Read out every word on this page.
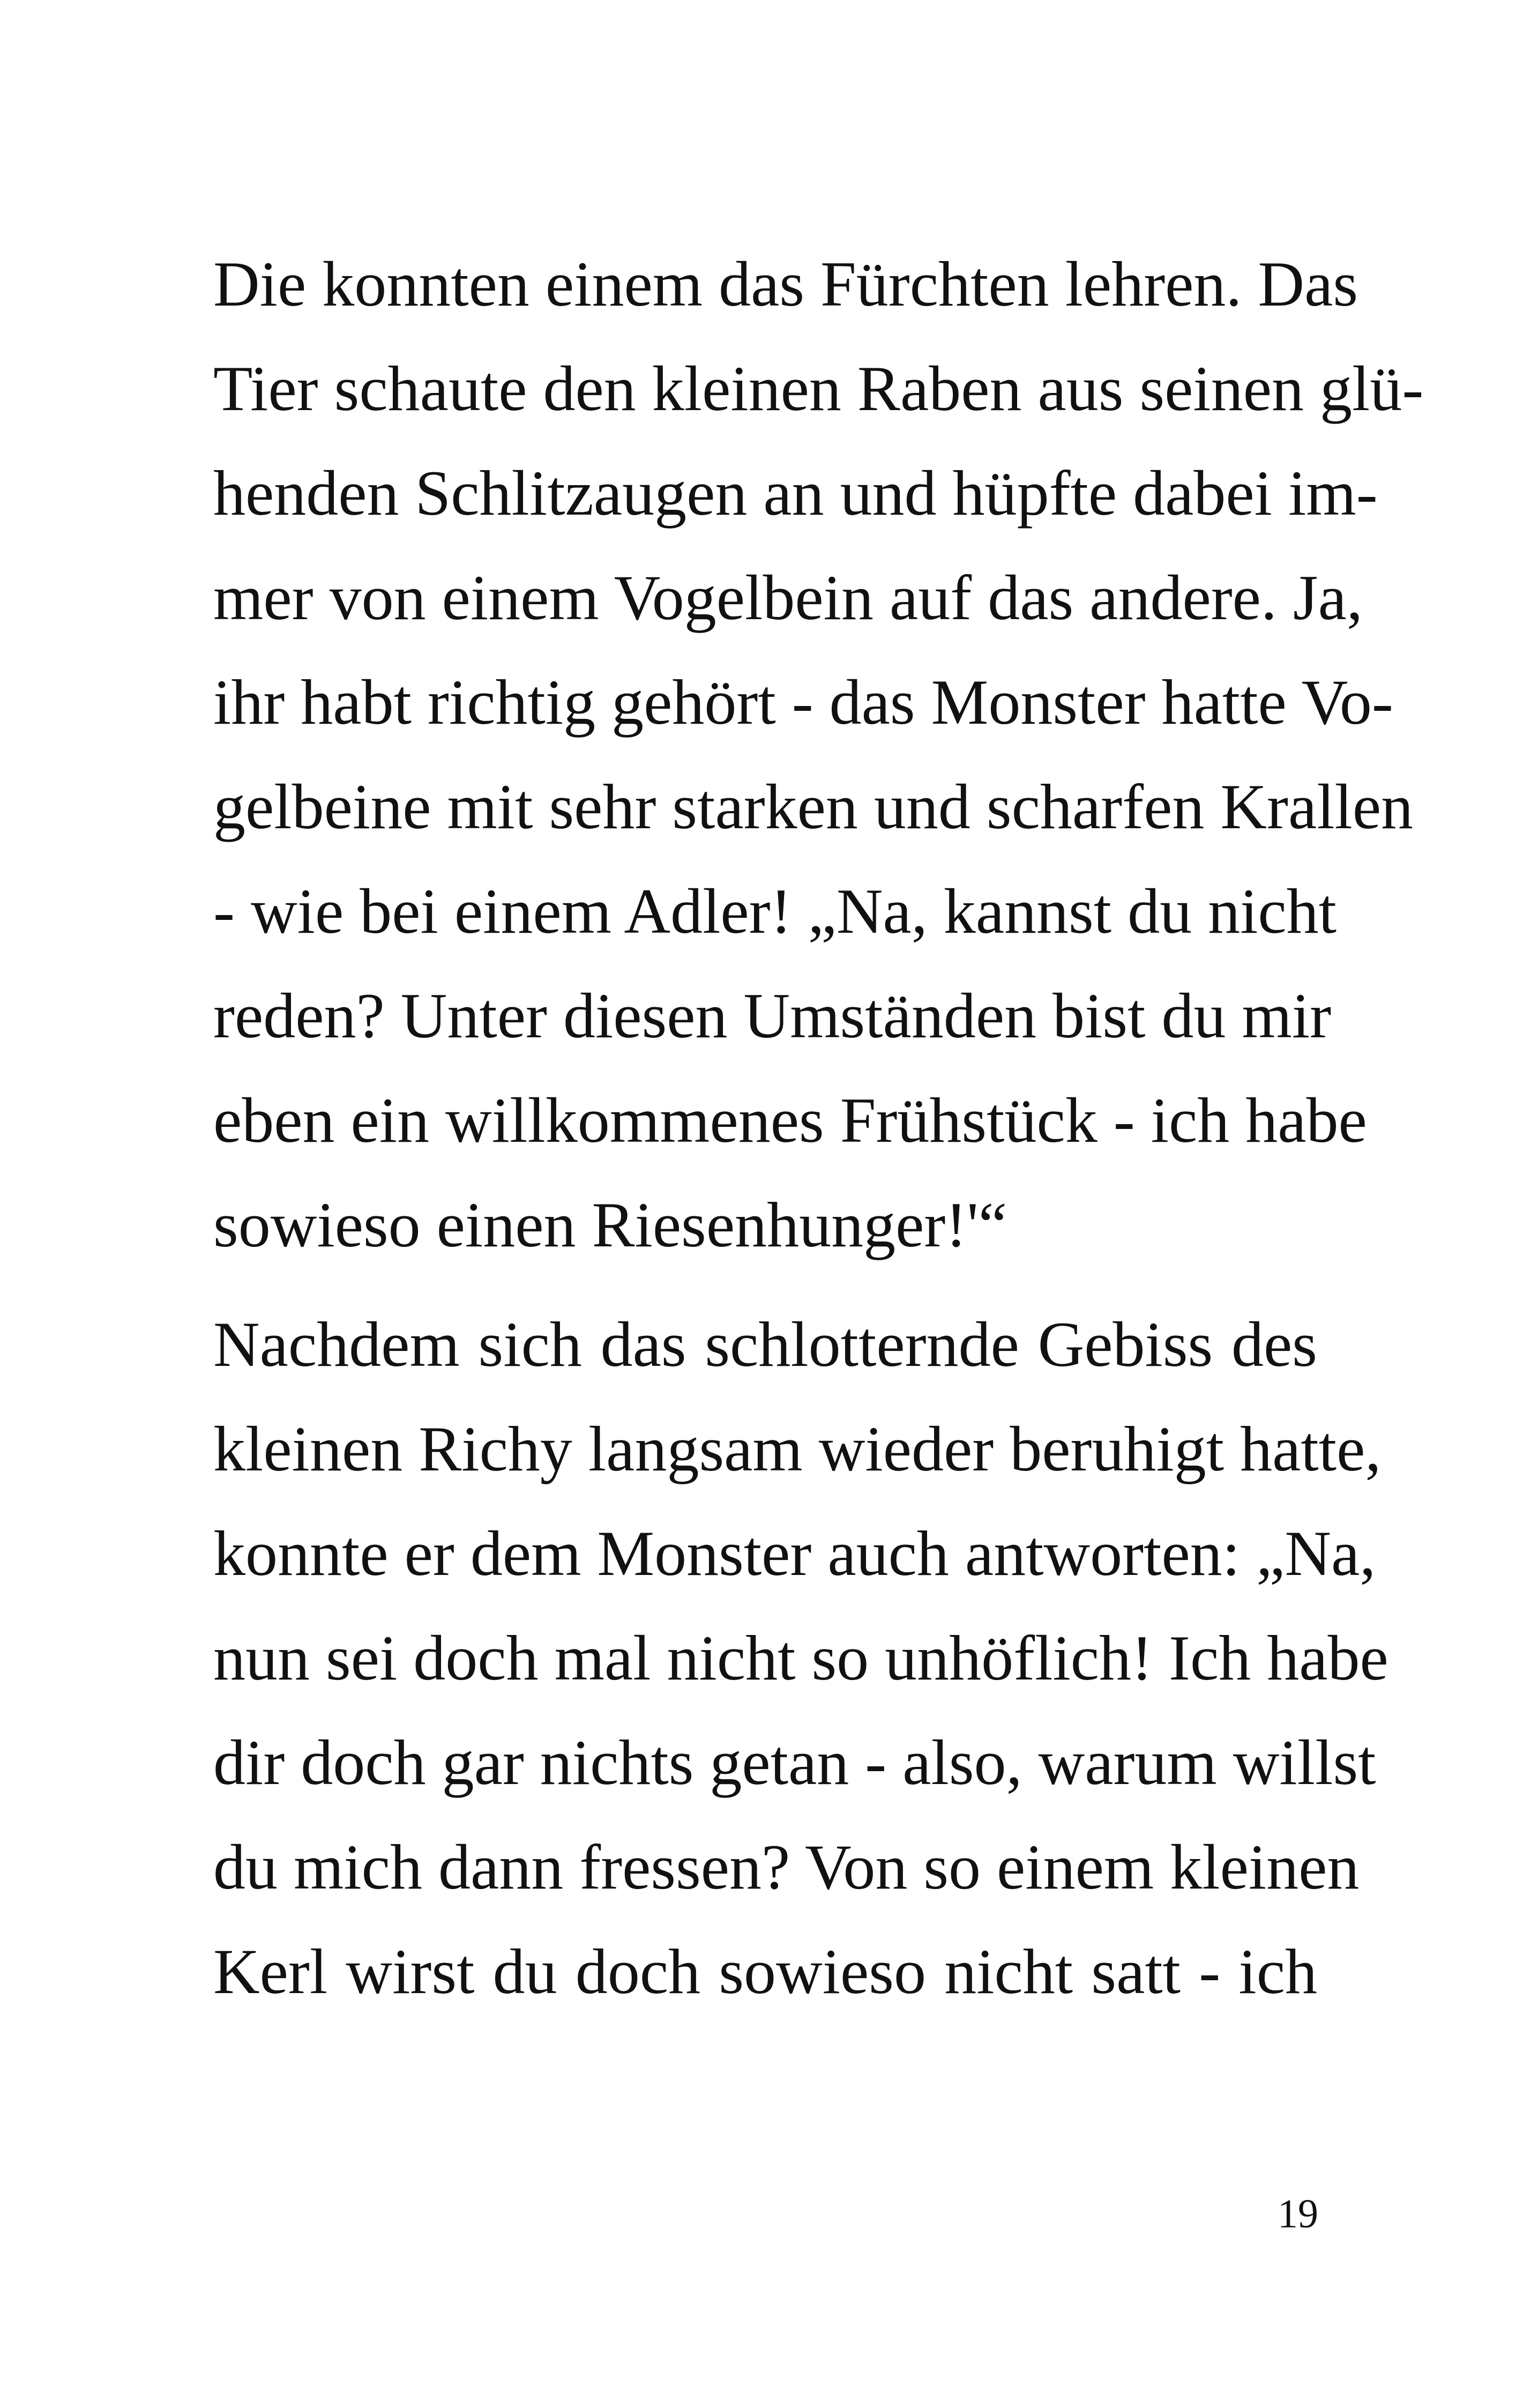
Die konnten einem das Fürchten lehren. Das
Tier schaute den kleinen Raben aus seinen glü-
henden Schlitzaugen an und hüpfte dabei im-
mer von einem Vogelbein auf das andere. Ja,
ihr habt richtig gehört - das Monster hatte Vo-
gelbeine mit sehr starken und scharfen Krallen
- wie bei einem Adler! „Na, kannst du nicht
reden? Unter diesen Umständen bist du mir
eben ein willkommenes Frühstück - ich habe
sowieso einen Riesenhunger!'“
Nachdem sich das schlotternde Gebiss des
kleinen Richy langsam wieder beruhigt hatte,
konnte er dem Monster auch antworten: „Na,
nun sei doch mal nicht so unhöflich! Ich habe
dir doch gar nichts getan - also, warum willst
du mich dann fressen? Von so einem kleinen
Kerl wirst du doch sowieso nicht satt - ich
19
